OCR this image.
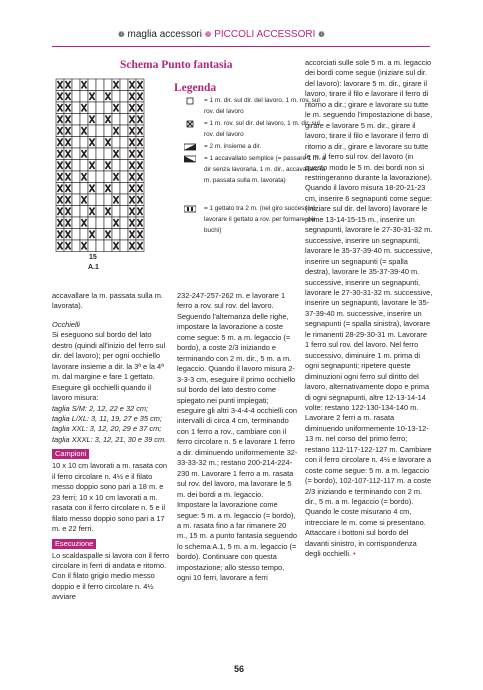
❁ maglia accessori ❁ PICCOLI ACCESSORI ❁
Schema Punto fantasia
15
A.1
Legenda
= 1 m. dir. sul dir. del lavoro, 1 m. rov. sul rov. del lavoro
= 1 m. rov. sul dir. del lavoro, 1 m. dir. sul rov. del lavoro
= 2 m. insieme a dir.
= 1 accavallato semplice (= passare 1 m. a dir senza lavorarla, 1 m. dir., accavallare la m. passata sulla m. lavorata)
= 1 gettato tra 2 m. (nel giro successivo lavorare il gettato a rov. per formare dei buchi)

accavallare la m. passata sulla m. lavorata).

Occhielli

Si eseguono sul bordo del lato destro (quindi all'inizio del ferro sul dir. del lavoro); per ogni occhiello lavorare insieme a dir. la 3ª e la 4ª m. dal margine e fare 1 gettato. Eseguire gli occhielli quando il lavoro misura:

taglia S/M: 2, 12, 22 e 32 cm;

taglia L/XL: 3, 11, 19, 27 e 35 cm;

taglia XXL: 3, 12, 20, 29 e 37 cm;

taglia XXXL: 3, 12, 21, 30 e 39 cm.

Campioni

10 x 10 cm lavorati a m. rasata con il ferro circolare n. 4½ e il filato messo doppio sono pari a 18 m. e 23 ferri; 10 x 10 cm lavorati a m. rasata con il ferro circolare n. 5 e il filato messo doppio sono pari a 17 m. e 22 ferri.

Esecuzione

Lo scaldaspalle si lavora con il ferro circolare in ferri di andata e ritorno. Con il filato grigio medio messo doppio e il ferro circolare n. 4½ avviare

232-247-257-262 m. e lavorare 1 ferro a rov. sul rov. del lavoro. Seguendo l'alternanza delle righe, impostare la lavorazione a coste come segue: 5 m. a m. legaccio (= bordo), a coste 2/3 iniziando e terminando con 2 m. dir., 5 m. a m. legaccio. Quando il lavoro misura 2-3-3-3 cm, eseguire il primo occhiello sul bordo del lato destro come spiegato nei punti impiegati; eseguire gli altri 3-4-4-4 occhielli con intervalli di circa 4 cm, terminando con 1 ferro a rov., cambiare con il ferro circolare n. 5 e lavorare 1 ferro a dir. diminuendo uniformemente 32-33-33-32 m.; restano 200-214-224-230 m. Lavorare 1 ferro a m. rasata sul rov. del lavoro, ma lavorare le 5 m. dei bordi a m. legaccio. Impostare la lavorazione come segue: 5 m. a m. legaccio (= bordo), a m. rasata fino a far rimanere 20 m., 15 m. a punto fantasia seguendo lo schema A.1, 5 m. a m. legaccio (= bordo). Continuare con questa impostazione; allo stesso tempo, ogni 10 ferri, lavorare a ferri

accorciati sulle sole 5 m. a m. legaccio dei bordi come segue (iniziare sul dir. del lavoro): lavorare 5 m. dir., girare il lavoro, tirare il filo e lavorare il ferro di ritorno a dir.; girare e lavorare su tutte le m. seguendo l'impostazione di base, girare e lavorare 5 m. dir., girare il lavoro, tirare il filo e lavorare il ferro di ritorno a dir., girare e lavorare su tutte le m. il ferro sul rov. del lavoro (in questo modo le 5 m. dei bordi non si restringeranno durante la lavorazione). Quando il lavoro misura 18-20-21-23 cm, inserire 6 segnapunti come segue: (iniziare sul dir. del lavoro) lavorare le prime 13-14-15-15 m., inserire un segnapunti, lavorare le 27-30-31-32 m. successive, inserire un segnapunti, lavorare le 35-37-39-40 m. successive, inserire un segnapunti (= spalla destra), lavorare le 35-37-39-40 m. successive, inserire un segnapunti, lavorare le 27-30-31-32 m. successive, inserire un segnapunti, lavorare le 35-37-39-40 m. successive, inserire un segnapunti (= spalla sinistra), lavorare le rimanenti 28-29-30-31 m. Lavorare 1 ferro sul rov. del lavoro. Nel ferro successivo, diminuire 1 m. prima di ogni segnapunti; ripetere queste diminuzioni ogni ferro sul diritto del lavoro, alternativamente dopo e prima di ogni segnapunti, altre 12-13-14-14 volte: restano 122-130-134-140 m. Lavorare 2 ferri a m. rasata diminuendo uniformemente 10-13-12-13 m. nel corso del primo ferro; restano 112-117-122-127 m. Cambiare con il ferro circolare n. 4½ e lavorare a coste come segue: 5 m. a m. legaccio (= bordo), 102-107-112-117 m. a coste 2/3 iniziando e terminando con 2 m. dir., 5 m. a m. legaccio (= bordo). Quando le coste misurano 4 cm, intrecciare le m. come si presentano. Attaccare i bottoni sul bordo del davanti sinistro, in corrispondenza degli occhielli. •

56
